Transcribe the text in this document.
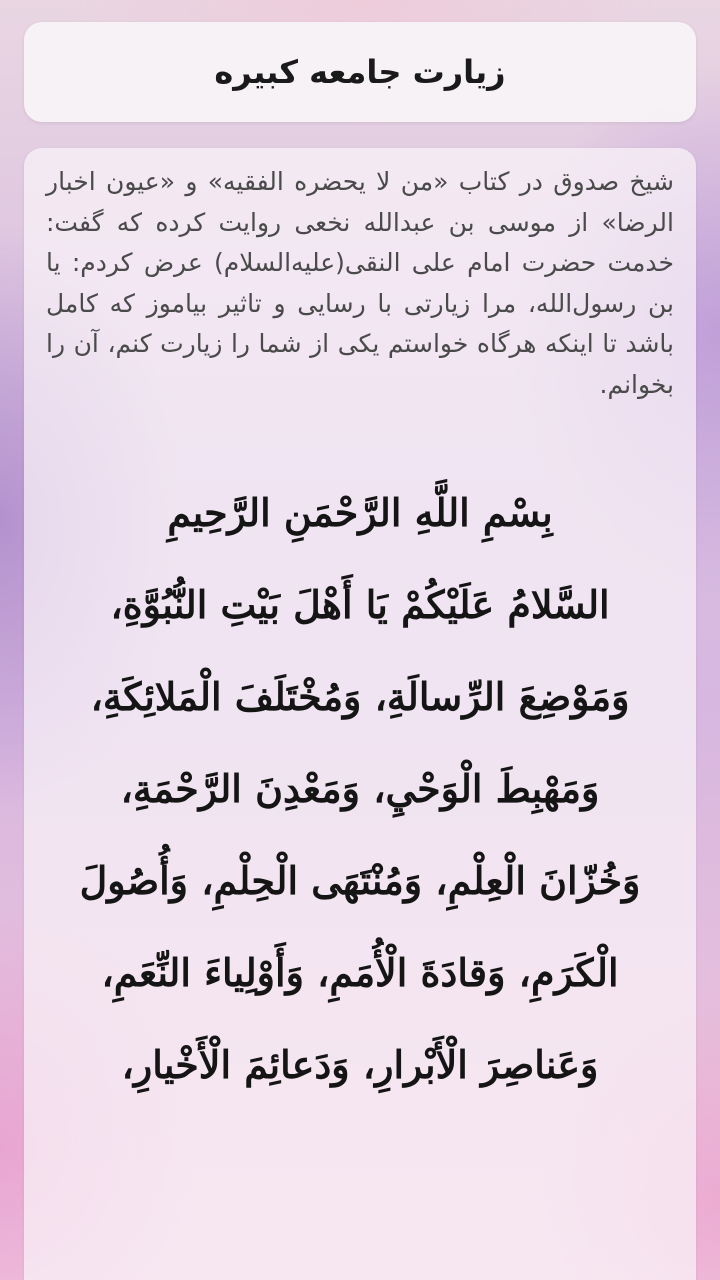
زیارت جامعه کبیره
شیخ صدوق در کتاب «من لا یحضره الفقیه» و «عیون اخبار الرضا» از موسی بن عبدالله نخعی روایت کرده که گفت: خدمت حضرت امام علی النقی(علیه‌السلام) عرض کردم: یا بن رسول‌الله، مرا زیارتی با رسایی و تاثیر بیاموز که کامل باشد تا اینکه هرگاه خواستم یکی از شما را زیارت کنم، آن را بخوانم.
بِسْمِ اللَّهِ الرَّحْمَنِ الرَّحِيمِ
السَّلامُ عَلَيْكُمْ يَا أَهْلَ بَيْتِ النُّبُوَّةِ،
وَمَوْضِعَ الرِّسالَةِ، وَمُخْتَلَفَ الْمَلائِكَةِ،
وَمَهْبِطَ الْوَحْيِ، وَمَعْدِنَ الرَّحْمَةِ،
وَخُزّانَ الْعِلْمِ، وَمُنْتَهَى الْحِلْمِ، وَأُصُولَ
الْكَرَمِ، وَقادَةَ الْأُمَمِ، وَأَوْلِياءَ النِّعَمِ،
وَعَناصِرَ الْأَبْرارِ، وَدَعائِمَ الْأَخْيارِ،
